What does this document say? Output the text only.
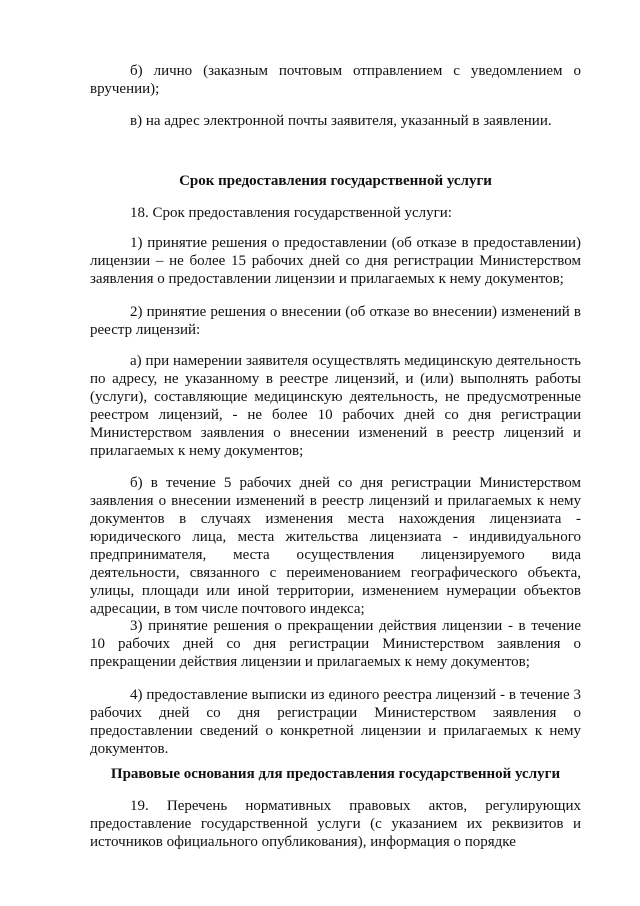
б) лично (заказным почтовым отправлением с уведомлением о вручении);

в) на адрес электронной почты заявителя, указанный в заявлении.

Срок предоставления государственной услуги

18. Срок предоставления государственной услуги:

1) принятие решения о предоставлении (об отказе в предоставлении) лицензии – не более 15 рабочих дней со дня регистрации Министерством заявления о предоставлении лицензии и прилагаемых к нему документов;

2) принятие решения о внесении (об отказе во внесении) изменений в реестр лицензий:

а) при намерении заявителя осуществлять медицинскую деятельность по адресу, не указанному в реестре лицензий, и (или) выполнять работы (услуги), составляющие медицинскую деятельность, не предусмотренные реестром лицензий, - не более 10 рабочих дней со дня регистрации Министерством заявления о внесении изменений в реестр лицензий и прилагаемых к нему документов;

б) в течение 5 рабочих дней со дня регистрации Министерством заявления о внесении изменений в реестр лицензий и прилагаемых к нему документов в случаях изменения места нахождения лицензиата - юридического лица, места жительства лицензиата - индивидуального предпринимателя, места осуществления лицензируемого вида деятельности, связанного с переименованием географического объекта, улицы, площади или иной территории, изменением нумерации объектов адресации, в том числе почтового индекса;

3) принятие решения о прекращении действия лицензии - в течение 10 рабочих дней со дня регистрации Министерством заявления о прекращении действия лицензии и прилагаемых к нему документов;

4) предоставление выписки из единого реестра лицензий - в течение 3 рабочих дней со дня регистрации Министерством заявления о предоставлении сведений о конкретной лицензии и прилагаемых к нему документов.

Правовые основания для предоставления государственной услуги

19. Перечень нормативных правовых актов, регулирующих предоставление государственной услуги (с указанием их реквизитов и источников официального опубликования), информация о порядке
